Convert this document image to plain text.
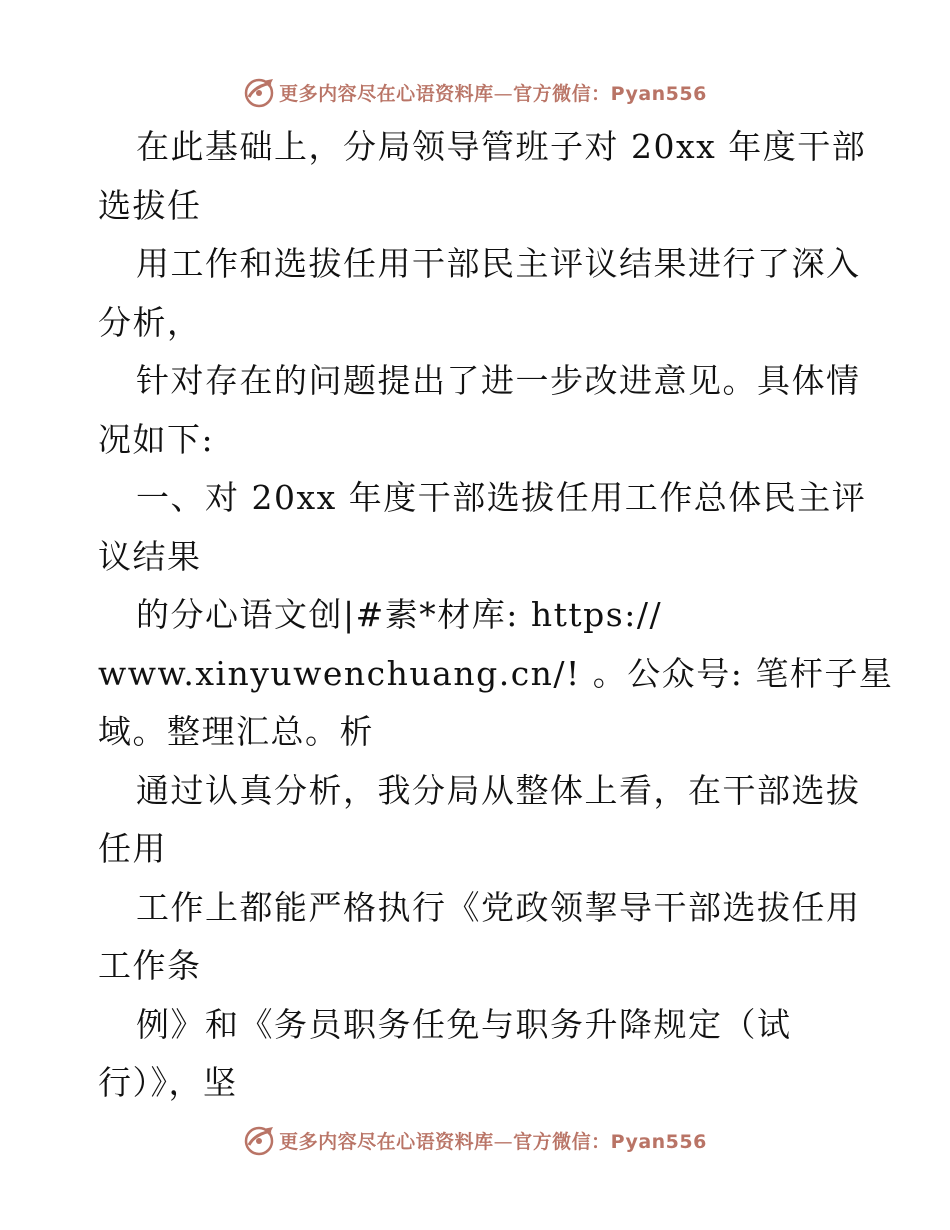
更多内容尽在心语资料库—官方微信：Pyan556
在此基础上，分局领导管班子对 20xx 年度干部
选拔任
用工作和选拔任用干部民主评议结果进行了深入
分析，
针对存在的问题提出了进一步改进意见。具体情
况如下:
一、对 20xx 年度干部选拔任用工作总体民主评
议结果
的分心语文创|#素*材库: https://
www.xinyuwenchuang.cn/! 。公众号: 笔杆子星
域。整理汇总。析
通过认真分析，我分局从整体上看，在干部选拔
任用
工作上都能严格执行《党政领挈导干部选拔任用
工作条
例》和《务员职务任免与职务升降规定（试
行）》，坚
更多内容尽在心语资料库—官方微信：Pyan556
